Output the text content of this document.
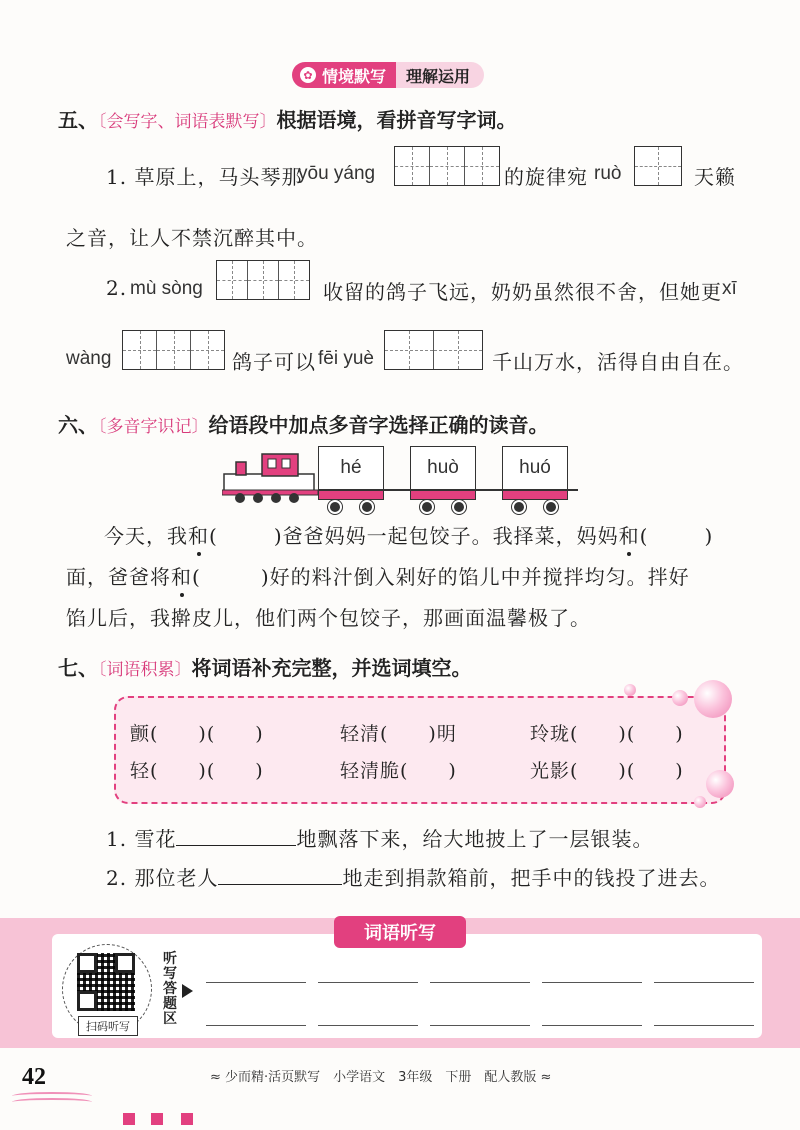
✿ 情境默写 理解运用
五、〔会写字、词语表默写〕根据语境，看拼音写字词。
1. 草原上，马头琴那
yōu yáng	的旋律宛 ruò	天籁
之音，让人不禁沉醉其中。
2. mù sòng	收留的鸽子飞远，奶奶虽然很不舍，但她更 xī
wàng	鸽子可以 fēi yuè	千山万水，活得自由自在。
六、〔多音字识记〕给语段中加点多音字选择正确的读音。
hé	huò	huó
今天，我和(	)爸爸妈妈一起包饺子。我择菜，妈妈和(	)
面，爸爸将和(	)好的料汁倒入剁好的馅儿中并搅拌均匀。拌好
馅儿后，我擀皮儿，他们两个包饺子，那画面温馨极了。
七、〔词语积累〕将词语补充完整，并选词填空。
颤(　　)(　　)	轻清(　　)明	玲珑(　　)(　　)
轻(　　)(　　)	轻清脆(　　)	光影(　　)(　　)
1. 雪花	地飘落下来，给大地披上了一层银装。
2. 那位老人	地走到捐款箱前，把手中的钱投了进去。
词语听写
扫码听写
听写答题区
42	≈ 少而精·活页默写　小学语文　3年级　下册　配人教版 ≈
